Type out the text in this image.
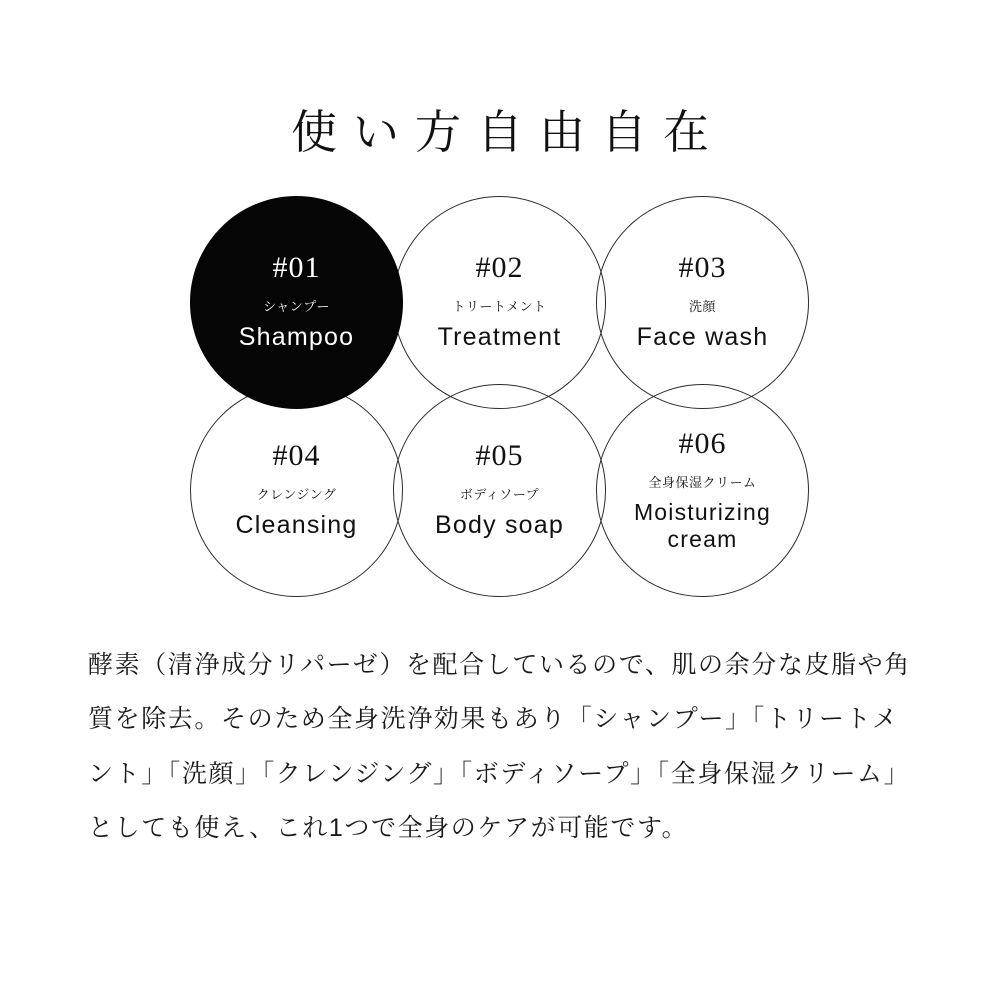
使い方自由自在
#04
クレンジング
Cleansing
#05
ボディソープ
Body soap
#06
全身保湿クリーム
Moisturizing cream
#02
トリートメント
Treatment
#03
洗顔
Face wash
#01
シャンプー
Shampoo
酵素（清浄成分リパーゼ）を配合しているので、肌の余分な皮脂や角質を除去。そのため全身洗浄効果もあり「シャンプー」「トリートメント」「洗顔」「クレンジング」「ボディソープ」「全身保湿クリーム」としても使え、これ1つで全身のケアが可能です。
